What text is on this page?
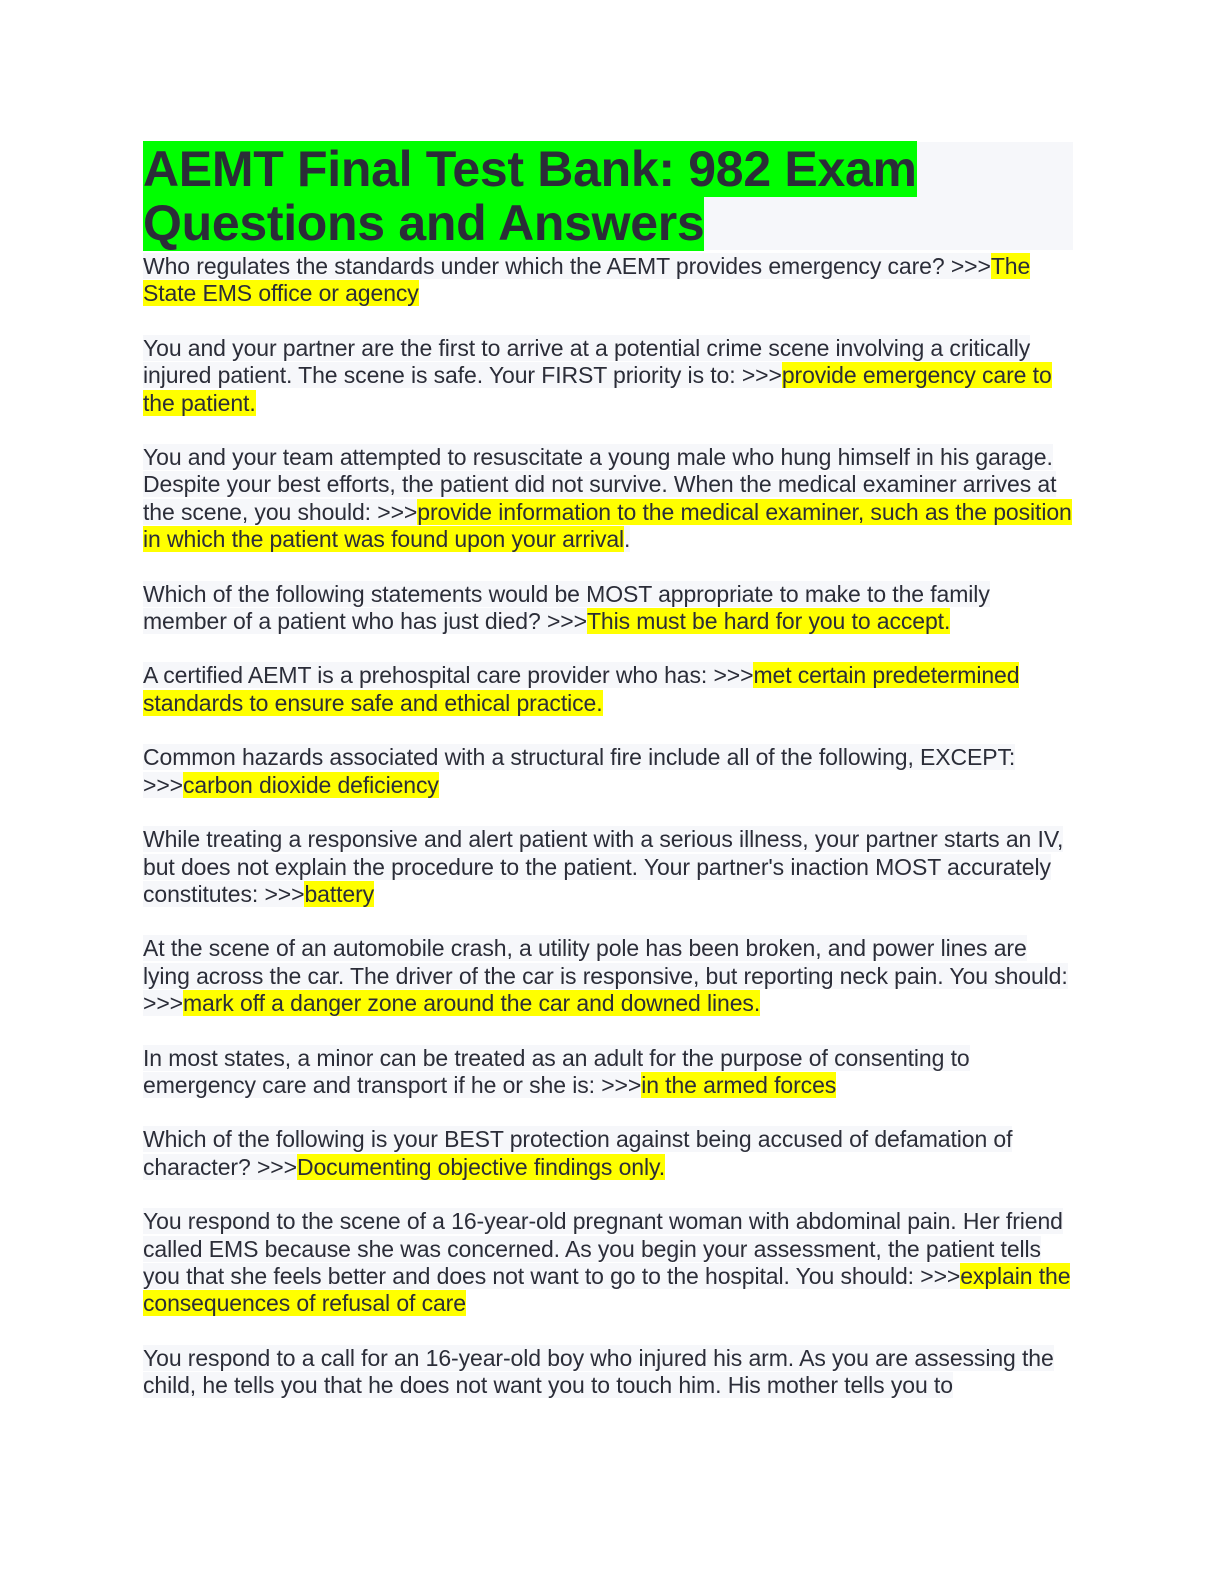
AEMT Final Test Bank: 982 Exam Questions and Answers

Who regulates the standards under which the AEMT provides emergency care? >>>The State EMS office or agency

You and your partner are the first to arrive at a potential crime scene involving a critically injured patient. The scene is safe. Your FIRST priority is to: >>>provide emergency care to the patient.

You and your team attempted to resuscitate a young male who hung himself in his garage. Despite your best efforts, the patient did not survive. When the medical examiner arrives at the scene, you should: >>>provide information to the medical examiner, such as the position in which the patient was found upon your arrival.

Which of the following statements would be MOST appropriate to make to the family member of a patient who has just died? >>>This must be hard for you to accept.

A certified AEMT is a prehospital care provider who has: >>>met certain predetermined standards to ensure safe and ethical practice.

Common hazards associated with a structural fire include all of the following, EXCEPT: >>>carbon dioxide deficiency

While treating a responsive and alert patient with a serious illness, your partner starts an IV, but does not explain the procedure to the patient. Your partner's inaction MOST accurately constitutes: >>>battery

At the scene of an automobile crash, a utility pole has been broken, and power lines are lying across the car. The driver of the car is responsive, but reporting neck pain. You should: >>>mark off a danger zone around the car and downed lines.

In most states, a minor can be treated as an adult for the purpose of consenting to emergency care and transport if he or she is: >>>in the armed forces

Which of the following is your BEST protection against being accused of defamation of character? >>>Documenting objective findings only.

You respond to the scene of a 16-year-old pregnant woman with abdominal pain. Her friend called EMS because she was concerned. As you begin your assessment, the patient tells you that she feels better and does not want to go to the hospital. You should: >>>explain the consequences of refusal of care

You respond to a call for an 16-year-old boy who injured his arm. As you are assessing the child, he tells you that he does not want you to touch him. His mother tells you to
